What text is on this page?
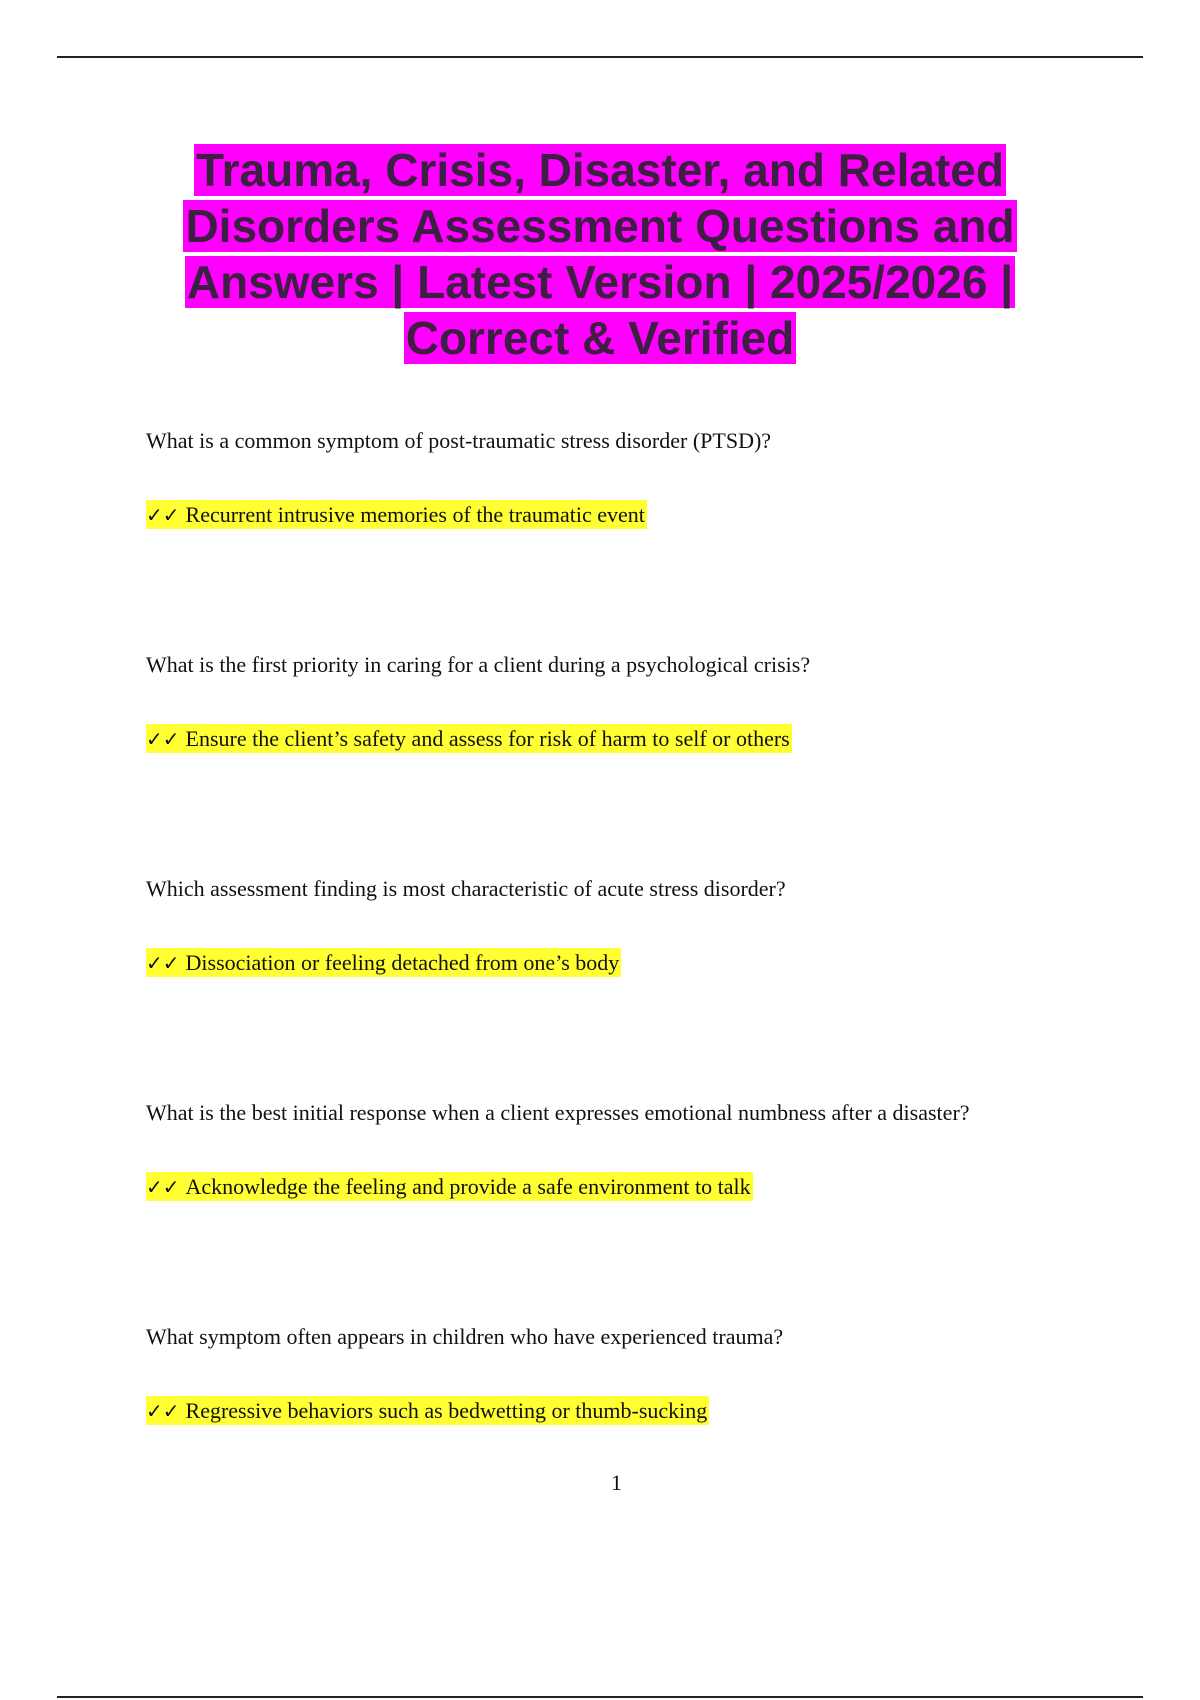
Trauma, Crisis, Disaster, and Related Disorders Assessment Questions and Answers | Latest Version | 2025/2026 | Correct & Verified

What is a common symptom of post-traumatic stress disorder (PTSD)?

✓✓ Recurrent intrusive memories of the traumatic event

What is the first priority in caring for a client during a psychological crisis?

✓✓ Ensure the client’s safety and assess for risk of harm to self or others

Which assessment finding is most characteristic of acute stress disorder?

✓✓ Dissociation or feeling detached from one’s body

What is the best initial response when a client expresses emotional numbness after a disaster?

✓✓ Acknowledge the feeling and provide a safe environment to talk

What symptom often appears in children who have experienced trauma?

✓✓ Regressive behaviors such as bedwetting or thumb-sucking

1
